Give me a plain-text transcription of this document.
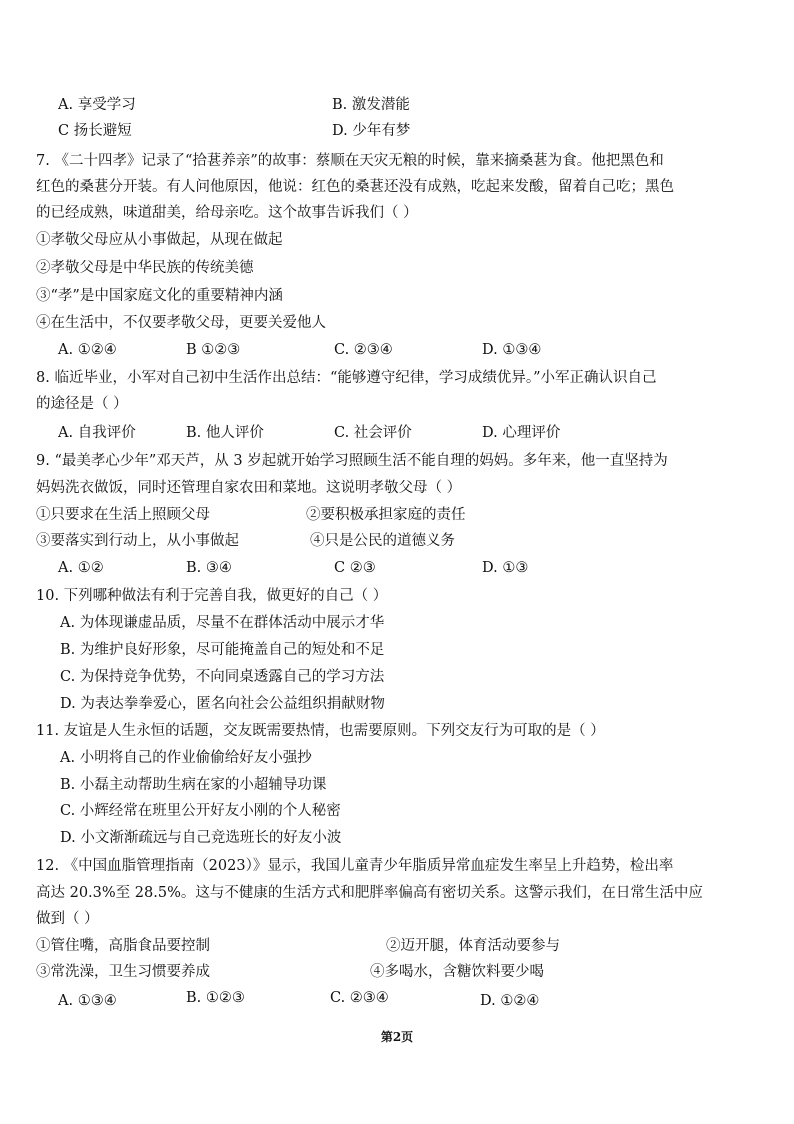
A. 享受学习	B. 激发潜能
C 扬长避短	D. 少年有梦
7. 《二十四孝》记录了“拾葚养亲”的故事：蔡顺在天灾无粮的时候，靠来摘桑葚为食。他把黑色和
红色的桑葚分开装。有人问他原因，他说：红色的桑葚还没有成熟，吃起来发酸，留着自己吃；黑色
的已经成熟，味道甜美，给母亲吃。这个故事告诉我们（ ）
①孝敬父母应从小事做起，从现在做起
②孝敬父母是中华民族的传统美德
③“孝”是中国家庭文化的重要精神内涵
④在生活中，不仅要孝敬父母，更要关爱他人
A. ①②④	B ①②③	C. ②③④	D. ①③④
8. 临近毕业，小军对自己初中生活作出总结：“能够遵守纪律，学习成绩优异。”小军正确认识自己
的途径是（ ）
A. 自我评价	B. 他人评价	C. 社会评价	D. 心理评价
9. “最美孝心少年”邓天芦，从 3 岁起就开始学习照顾生活不能自理的妈妈。多年来，他一直坚持为
妈妈洗衣做饭，同时还管理自家农田和菜地。这说明孝敬父母（ ）
①只要求在生活上照顾父母	②要积极承担家庭的责任
③要落实到行动上，从小事做起	④只是公民的道德义务
A. ①②	B. ③④	C ②③	D. ①③
10. 下列哪种做法有利于完善自我，做更好的自己（ ）
A. 为体现谦虚品质，尽量不在群体活动中展示才华
B. 为维护良好形象，尽可能掩盖自己的短处和不足
C. 为保持竞争优势，不向同桌透露自己的学习方法
D. 为表达拳拳爱心，匿名向社会公益组织捐献财物
11. 友谊是人生永恒的话题，交友既需要热情，也需要原则。下列交友行为可取的是（ ）
A. 小明将自己的作业偷偷给好友小强抄
B. 小磊主动帮助生病在家的小超辅导功课
C. 小辉经常在班里公开好友小刚的个人秘密
D. 小文渐渐疏远与自己竞选班长的好友小波
12. 《中国血脂管理指南（2023）》显示，我国儿童青少年脂质异常血症发生率呈上升趋势，检出率
高达 20.3%至 28.5%。这与不健康的生活方式和肥胖率偏高有密切关系。这警示我们，在日常生活中应
做到（ ）
①管住嘴，高脂食品要控制	②迈开腿，体育活动要参与
③常洗澡，卫生习惯要养成	④多喝水，含糖饮料要少喝
A. ①③④	B. ①②③	C. ②③④	D. ①②④
第2页
